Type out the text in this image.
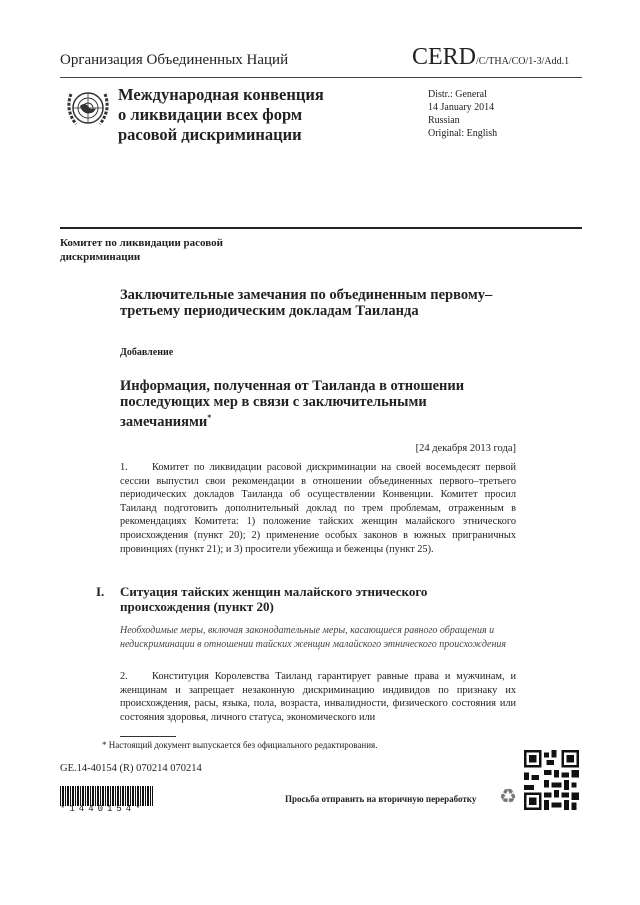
Организация Объединенных Наций	CERD/C/THA/CO/1-3/Add.1
Международная конвенция
о ликвидации всех форм
расовой дискриминации
Distr.: General
14 January 2014
Russian
Original: English
Комитет по ликвидации расовой дискриминации
Заключительные замечания по объединенным первому–третьему периодическим докладам Таиланда
Добавление
Информация, полученная от Таиланда в отношении последующих мер в связи с заключительными замечаниями*
[24 декабря 2013 года]
1. Комитет по ликвидации расовой дискриминации на своей восемьдесят первой сессии выпустил свои рекомендации в отношении объединенных первого–третьего периодических докладов Таиланда об осуществлении Конвенции. Комитет просил Таиланд подготовить дополнительный доклад по трем проблемам, отраженным в рекомендациях Комитета: 1) положение тайских женщин малайского этнического происхождения (пункт 20); 2) применение особых законов в южных приграничных провинциях (пункт 21); и 3) просители убежища и беженцы (пункт 25).
I. Ситуация тайских женщин малайского этнического происхождения (пункт 20)
Необходимые меры, включая законодательные меры, касающиеся равного обращения и недискриминации в отношении тайских женщин малайского этнического происхождения
2. Конституция Королевства Таиланд гарантирует равные права и мужчинам, и женщинам и запрещает незаконную дискриминацию индивидов по признаку их происхождения, расы, языка, пола, возраста, инвалидности, физического состояния или состояния здоровья, личного статуса, экономического или
* Настоящий документ выпускается без официального редактирования.
GE.14-40154 (R) 070214 070214
*1440154*
Просьба отправить на вторичную переработку ♻
